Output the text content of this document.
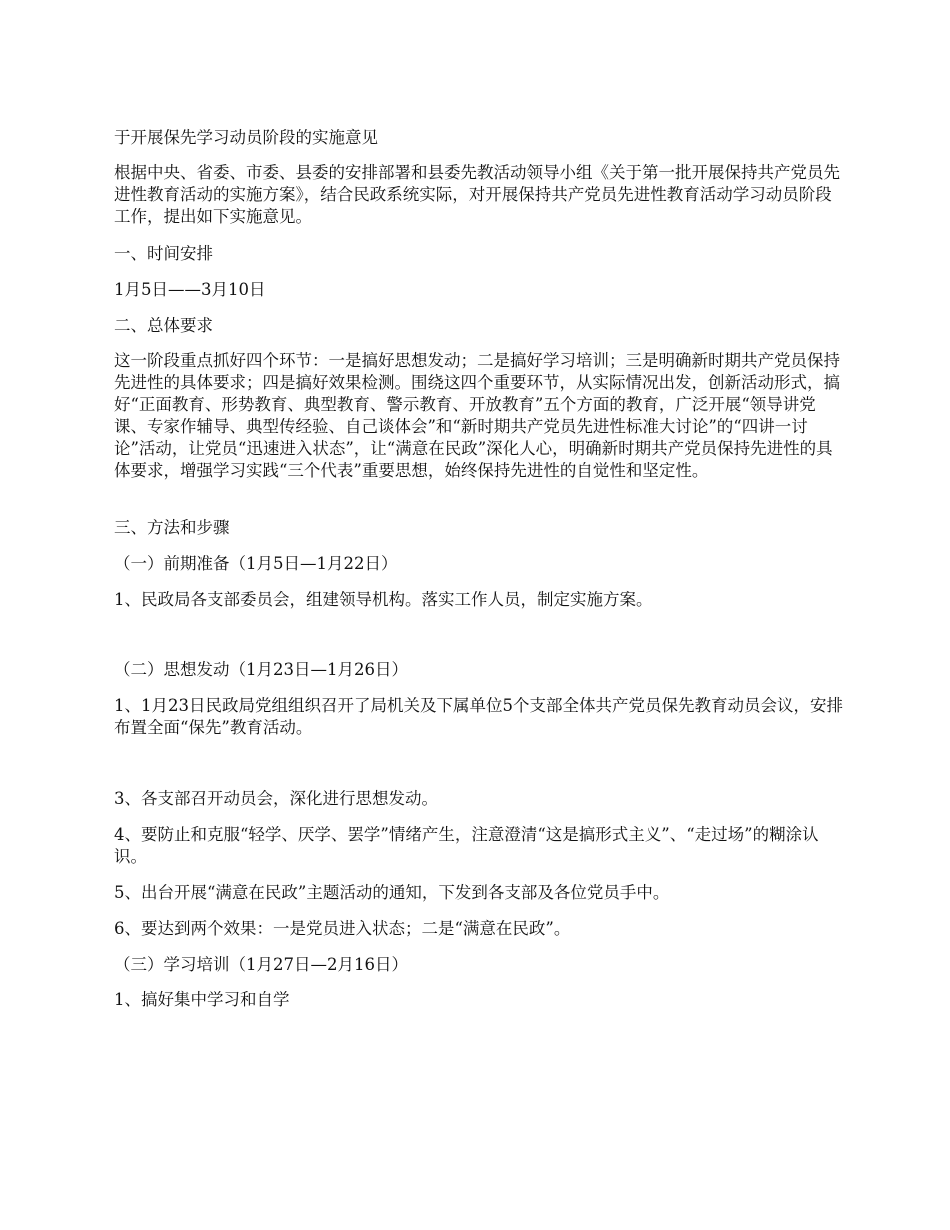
于开展保先学习动员阶段的实施意见
根据中央、省委、市委、县委的安排部署和县委先教活动领导小组《关于第一批开展保持共产党员先进性教育活动的实施方案》，结合民政系统实际，对开展保持共产党员先进性教育活动学习动员阶段工作，提出如下实施意见。
一、时间安排
1月5日——3月10日
二、总体要求
这一阶段重点抓好四个环节：一是搞好思想发动；二是搞好学习培训；三是明确新时期共产党员保持先进性的具体要求；四是搞好效果检测。围绕这四个重要环节，从实际情况出发，创新活动形式，搞好“正面教育、形势教育、典型教育、警示教育、开放教育”五个方面的教育，广泛开展“领导讲党课、专家作辅导、典型传经验、自己谈体会”和“新时期共产党员先进性标准大讨论”的“四讲一讨论”活动，让党员“迅速进入状态”，让“满意在民政”深化人心，明确新时期共产党员保持先进性的具体要求，增强学习实践“三个代表”重要思想，始终保持先进性的自觉性和坚定性。
三、方法和步骤
（一）前期准备（1月5日—1月22日）
1、民政局各支部委员会，组建领导机构。落实工作人员，制定实施方案。
（二）思想发动（1月23日—1月26日）
1、1月23日民政局党组组织召开了局机关及下属单位5个支部全体共产党员保先教育动员会议，安排布置全面“保先”教育活动。
3、各支部召开动员会，深化进行思想发动。
4、要防止和克服“轻学、厌学、罢学”情绪产生，注意澄清“这是搞形式主义”、“走过场”的糊涂认识。
5、出台开展“满意在民政”主题活动的通知，下发到各支部及各位党员手中。
6、要达到两个效果：一是党员进入状态；二是“满意在民政”。
（三）学习培训（1月27日—2月16日）
1、搞好集中学习和自学
